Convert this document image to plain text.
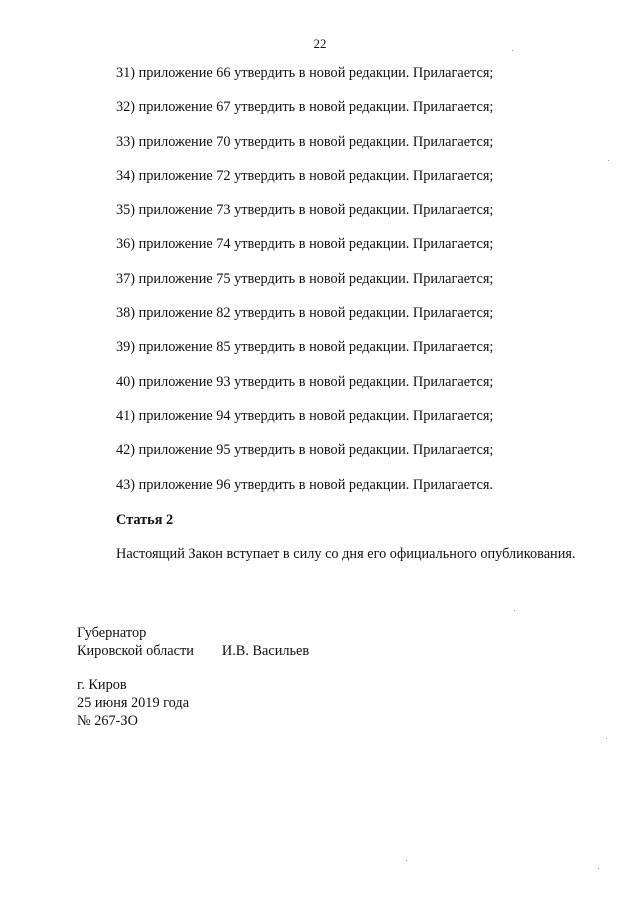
22
31) приложение 66 утвердить в новой редакции. Прилагается;
32) приложение 67 утвердить в новой редакции. Прилагается;
33) приложение 70 утвердить в новой редакции. Прилагается;
34) приложение 72 утвердить в новой редакции. Прилагается;
35) приложение 73 утвердить в новой редакции. Прилагается;
36) приложение 74 утвердить в новой редакции. Прилагается;
37) приложение 75 утвердить в новой редакции. Прилагается;
38) приложение 82 утвердить в новой редакции. Прилагается;
39) приложение 85 утвердить в новой редакции. Прилагается;
40) приложение 93 утвердить в новой редакции. Прилагается;
41) приложение 94 утвердить в новой редакции. Прилагается;
42) приложение 95 утвердить в новой редакции. Прилагается;
43) приложение 96 утвердить в новой редакции. Прилагается.
Статья 2
Настоящий Закон вступает в силу со дня его официального опубликования.
Губернатор
Кировской области И.В. Васильев
г. Киров
25 июня 2019 года
№ 267-ЗО
